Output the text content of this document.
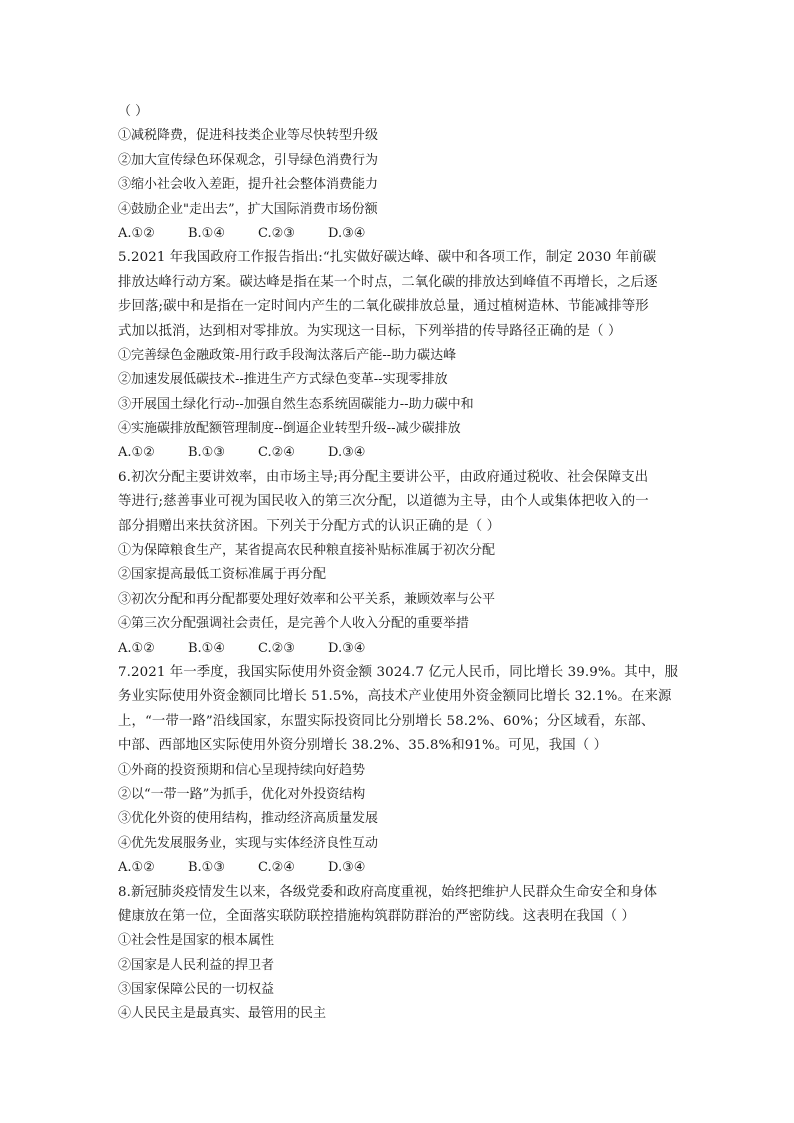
（ ）
①减税降费，促进科技类企业等尽快转型升级
②加大宣传绿色环保观念，引导绿色消费行为
③缩小社会收入差距，提升社会整体消费能力
④鼓励企业"走出去”，扩大国际消费市场份额
A.①②	B.①④	C.②③	D.③④
5.2021 年我国政府工作报告指出:“扎实做好碳达峰、碳中和各项工作，制定 2030 年前碳
排放达峰行动方案。碳达峰是指在某一个时点，二氧化碳的排放达到峰值不再增长，之后逐
步回落;碳中和是指在一定时间内产生的二氧化碳排放总量，通过植树造林、节能减排等形
式加以抵消，达到相对零排放。为实现这一目标，下列举措的传导路径正确的是（ ）
①完善绿色金融政策-用行政手段淘汰落后产能--助力碳达峰
②加速发展低碳技术--推进生产方式绿色变革--实现零排放
③开展国土绿化行动--加强自然生态系统固碳能力--助力碳中和
④实施碳排放配额管理制度--倒逼企业转型升级--减少碳排放
A.①②	B.①③	C.②④	D.③④
6.初次分配主要讲效率，由市场主导;再分配主要讲公平，由政府通过税收、社会保障支出
等进行;慈善事业可视为国民收入的第三次分配，以道德为主导，由个人或集体把收入的一
部分捐赠出来扶贫济困。下列关于分配方式的认识正确的是（ ）
①为保障粮食生产，某省提高农民种粮直接补贴标准属于初次分配
②国家提高最低工资标准属于再分配
③初次分配和再分配都要处理好效率和公平关系，兼顾效率与公平
④第三次分配强调社会责任，是完善个人收入分配的重要举措
A.①②	B.①④	C.②③	D.③④
7.2021 年一季度，我国实际使用外资金额 3024.7 亿元人民币，同比增长 39.9%。其中，服
务业实际使用外资金额同比增长 51.5%，高技术产业使用外资金额同比增长 32.1%。在来源
上，“一带一路”沿线国家，东盟实际投资同比分别增长 58.2%、60%；分区域看，东部、
中部、西部地区实际使用外资分别增长 38.2%、35.8%和91%。可见，我国（ ）
①外商的投资预期和信心呈现持续向好趋势
②以“一带一路”为抓手，优化对外投资结构
③优化外资的使用结构，推动经济高质量发展
④优先发展服务业，实现与实体经济良性互动
A.①②	B.①③	C.②④	D.③④
8.新冠肺炎疫情发生以来，各级党委和政府高度重视，始终把维护人民群众生命安全和身体
健康放在第一位，全面落实联防联控措施构筑群防群治的严密防线。这表明在我国（ ）
①社会性是国家的根本属性
②国家是人民利益的捍卫者
③国家保障公民的一切权益
④人民民主是最真实、最管用的民主
